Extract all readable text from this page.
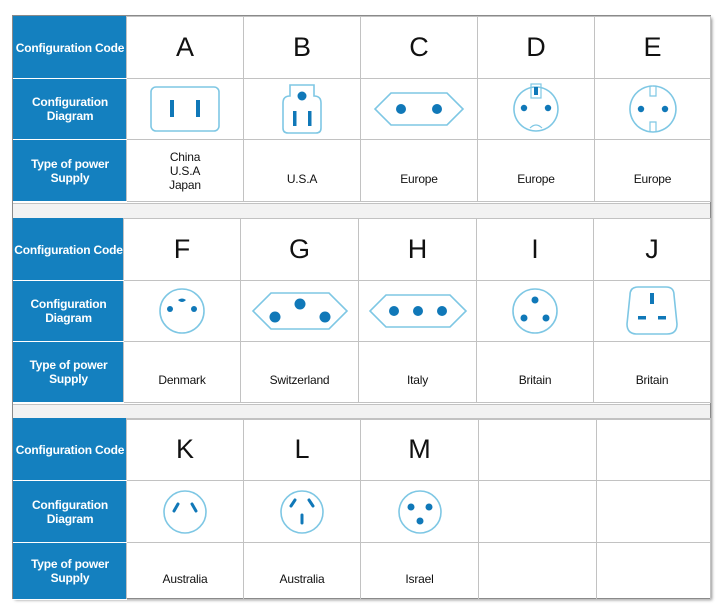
Configuration Code	A	B	C	D	E
Configuration Diagram	

Type of power Supply	China U.S.A Japan	U.S.A	Europe	Europe	Europe
Configuration Code	F	G	H	I	J
Configuration Diagram	

Type of power Supply	Denmark	Switzerland	Italy	Britain	Britain
Configuration Code	K	L	M		
Configuration Diagram	

Type of power Supply	Australia	Australia	Israel		
